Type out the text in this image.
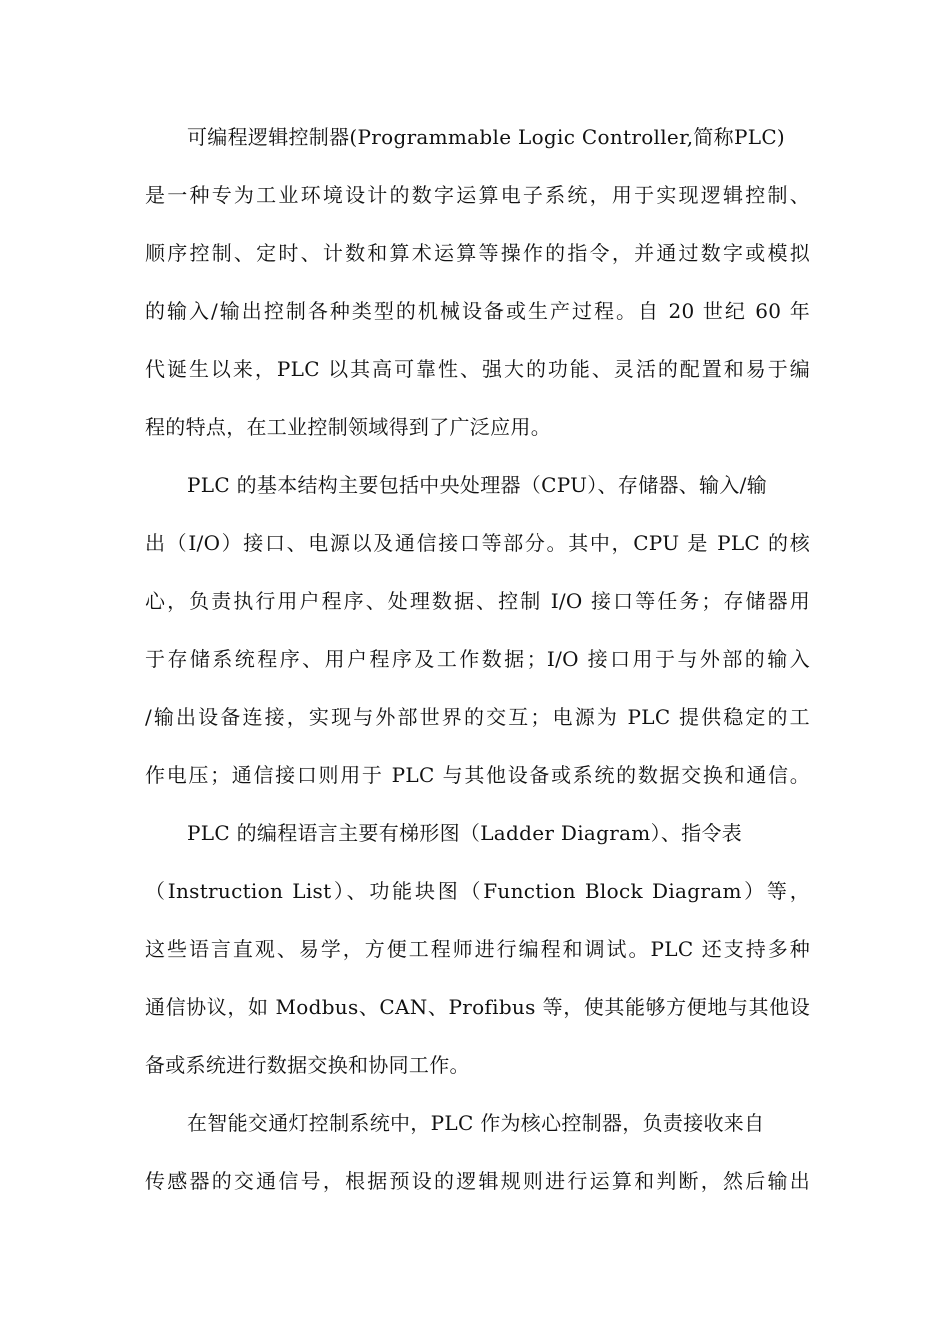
可编程逻辑控制器(Programmable Logic Controller,简称PLC)
是一种专为工业环境设计的数字运算电子系统，用于实现逻辑控制、
顺序控制、定时、计数和算术运算等操作的指令，并通过数字或模拟
的输入/输出控制各种类型的机械设备或生产过程。自 20 世纪 60 年
代诞生以来，PLC 以其高可靠性、强大的功能、灵活的配置和易于编
程的特点，在工业控制领域得到了广泛应用。
PLC 的基本结构主要包括中央处理器（CPU）、存储器、输入/输
出（I/O）接口、电源以及通信接口等部分。其中，CPU 是 PLC 的核
心，负责执行用户程序、处理数据、控制 I/O 接口等任务；存储器用
于存储系统程序、用户程序及工作数据；I/O 接口用于与外部的输入
/输出设备连接，实现与外部世界的交互；电源为 PLC 提供稳定的工
作电压；通信接口则用于 PLC 与其他设备或系统的数据交换和通信。
PLC 的编程语言主要有梯形图（Ladder Diagram）、指令表
（Instruction List）、功能块图（Function Block Diagram）等，
这些语言直观、易学，方便工程师进行编程和调试。PLC 还支持多种
通信协议，如 Modbus、CAN、Profibus 等，使其能够方便地与其他设
备或系统进行数据交换和协同工作。
在智能交通灯控制系统中，PLC 作为核心控制器，负责接收来自
传感器的交通信号，根据预设的逻辑规则进行运算和判断，然后输出
